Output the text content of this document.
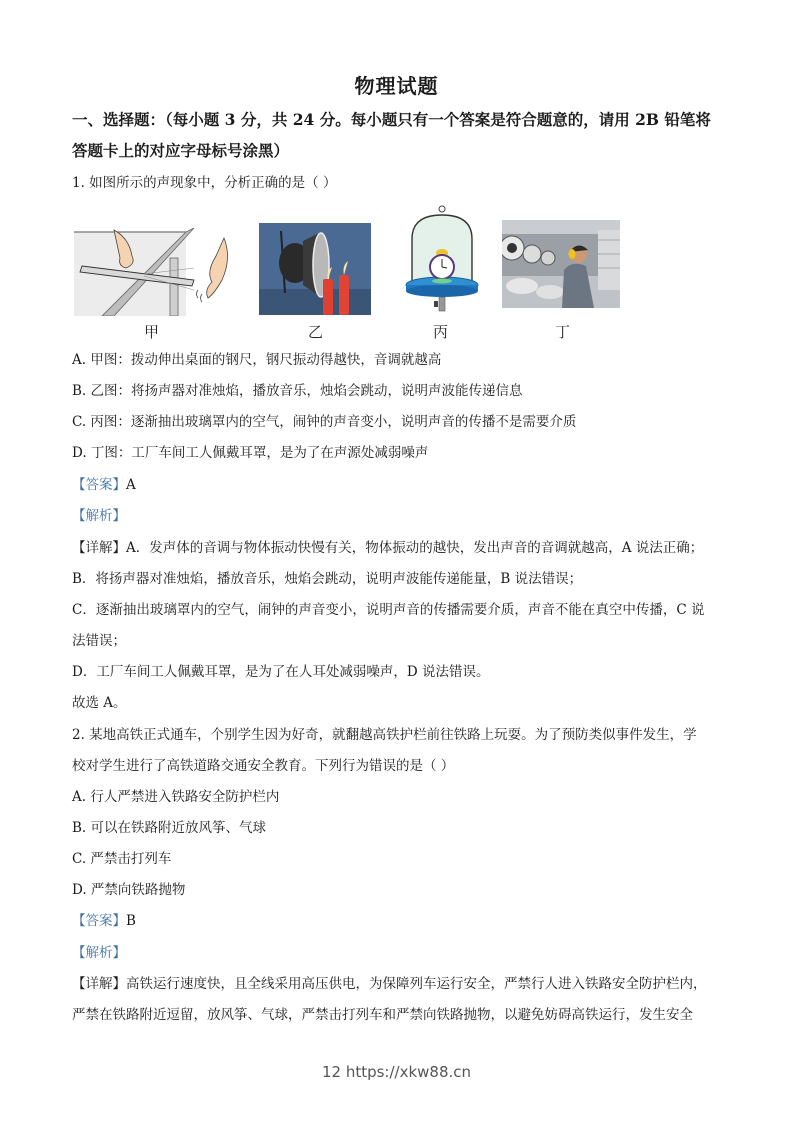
物理试题
一、选择题：（每小题 3 分，共 24 分。每小题只有一个答案是符合题意的，请用 2B 铅笔将答题卡上的对应字母标号涂黑）
1. 如图所示的声现象中，分析正确的是（ ）
甲	乙	丙	丁
A. 甲图：拨动伸出桌面的钢尺，钢尺振动得越快，音调就越高
B. 乙图：将扬声器对准烛焰，播放音乐，烛焰会跳动，说明声波能传递信息
C. 丙图：逐渐抽出玻璃罩内的空气，闹钟的声音变小，说明声音的传播不是需要介质
D. 丁图：工厂车间工人佩戴耳罩，是为了在声源处减弱噪声
【答案】A
【解析】
【详解】A．发声体的音调与物体振动快慢有关，物体振动的越快，发出声音的音调就越高，A 说法正确；
B．将扬声器对准烛焰，播放音乐，烛焰会跳动，说明声波能传递能量，B 说法错误；
C．逐渐抽出玻璃罩内的空气，闹钟的声音变小，说明声音的传播需要介质，声音不能在真空中传播，C 说
法错误；
D．工厂车间工人佩戴耳罩，是为了在人耳处减弱噪声，D 说法错误。
故选 A。
2. 某地高铁正式通车，个别学生因为好奇，就翻越高铁护栏前往铁路上玩耍。为了预防类似事件发生，学
校对学生进行了高铁道路交通安全教育。下列行为错误的是（ ）
A. 行人严禁进入铁路安全防护栏内
B. 可以在铁路附近放风筝、气球
C. 严禁击打列车
D. 严禁向铁路抛物
【答案】B
【解析】
【详解】高铁运行速度快，且全线采用高压供电，为保障列车运行安全，严禁行人进入铁路安全防护栏内，
严禁在铁路附近逗留，放风筝、气球，严禁击打列车和严禁向铁路抛物，以避免妨碍高铁运行，发生安全
12 https://xkw88.cn
